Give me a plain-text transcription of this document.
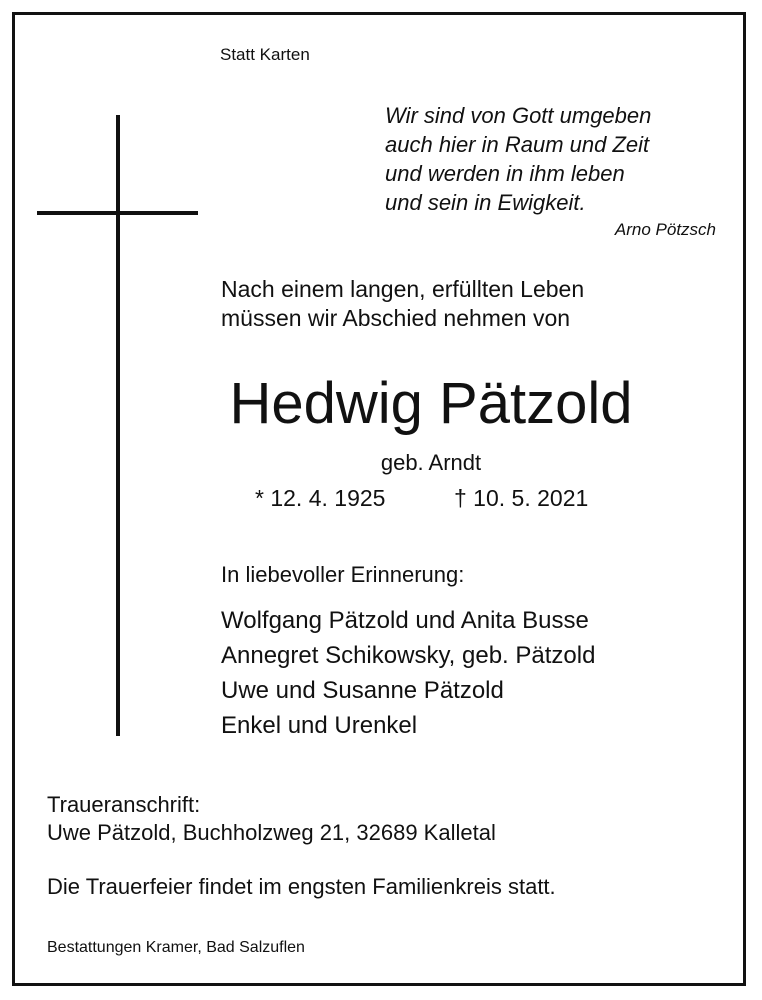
Statt Karten
Wir sind von Gott umgeben
auch hier in Raum und Zeit
und werden in ihm leben
und sein in Ewigkeit.
Arno Pötzsch
Nach einem langen, erfüllten Leben
müssen wir Abschied nehmen von
Hedwig Pätzold
geb. Arndt
* 12. 4. 1925	† 10. 5. 2021
In liebevoller Erinnerung:
Wolfgang Pätzold und Anita Busse
Annegret Schikowsky, geb. Pätzold
Uwe und Susanne Pätzold
Enkel und Urenkel
Traueranschrift:
Uwe Pätzold, Buchholzweg 21, 32689 Kalletal
Die Trauerfeier findet im engsten Familienkreis statt.
Bestattungen Kramer, Bad Salzuflen
